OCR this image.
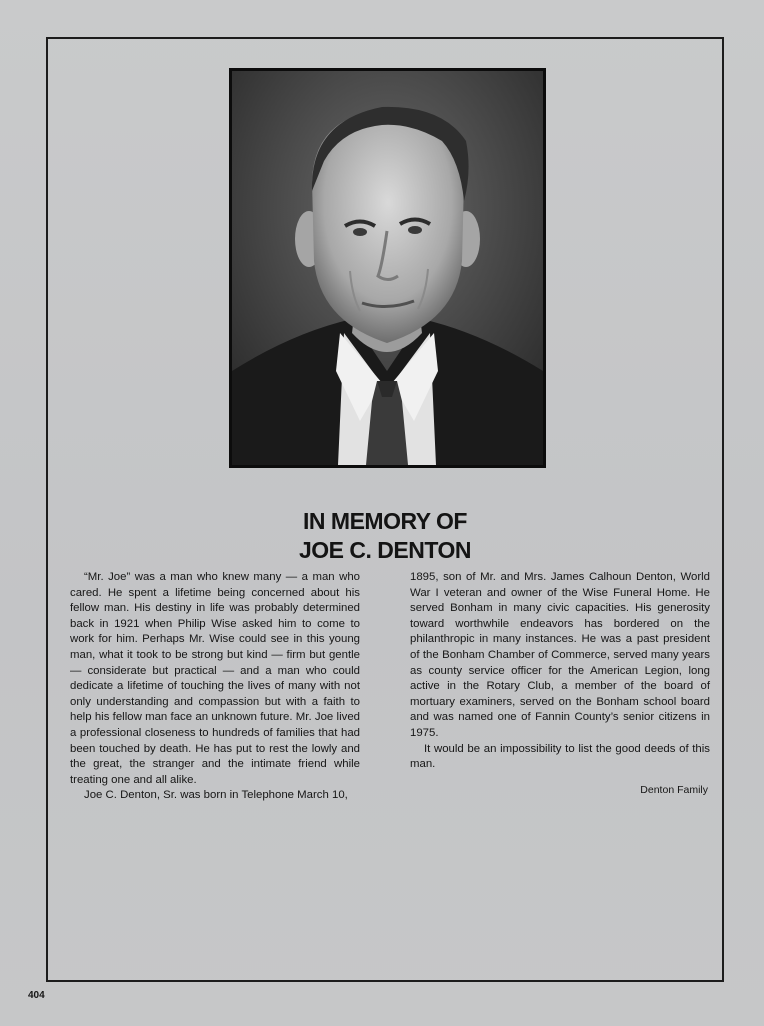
IN MEMORY OF
JOE C. DENTON

“Mr. Joe” was a man who knew many — a man who cared. He spent a lifetime being concerned about his fellow man. His destiny in life was probably determined back in 1921 when Philip Wise asked him to come to work for him. Perhaps Mr. Wise could see in this young man, what it took to be strong but kind — firm but gentle — considerate but practical — and a man who could dedicate a lifetime of touching the lives of many with not only understanding and compassion but with a faith to help his fellow man face an unknown future. Mr. Joe lived a professional closeness to hundreds of families that had been touched by death. He has put to rest the lowly and the great, the stranger and the intimate friend while treating one and all alike.

Joe C. Denton, Sr. was born in Telephone March 10,

1895, son of Mr. and Mrs. James Calhoun Denton, World War I veteran and owner of the Wise Funeral Home. He served Bonham in many civic capacities. His generosity toward worthwhile endeavors has bordered on the philanthropic in many instances. He was a past president of the Bonham Chamber of Commerce, served many years as county service officer for the American Legion, long active in the Rotary Club, a member of the board of mortuary examiners, served on the Bonham school board and was named one of Fannin County’s senior citizens in 1975.

It would be an impossibility to list the good deeds of this man.

Denton Family
404
